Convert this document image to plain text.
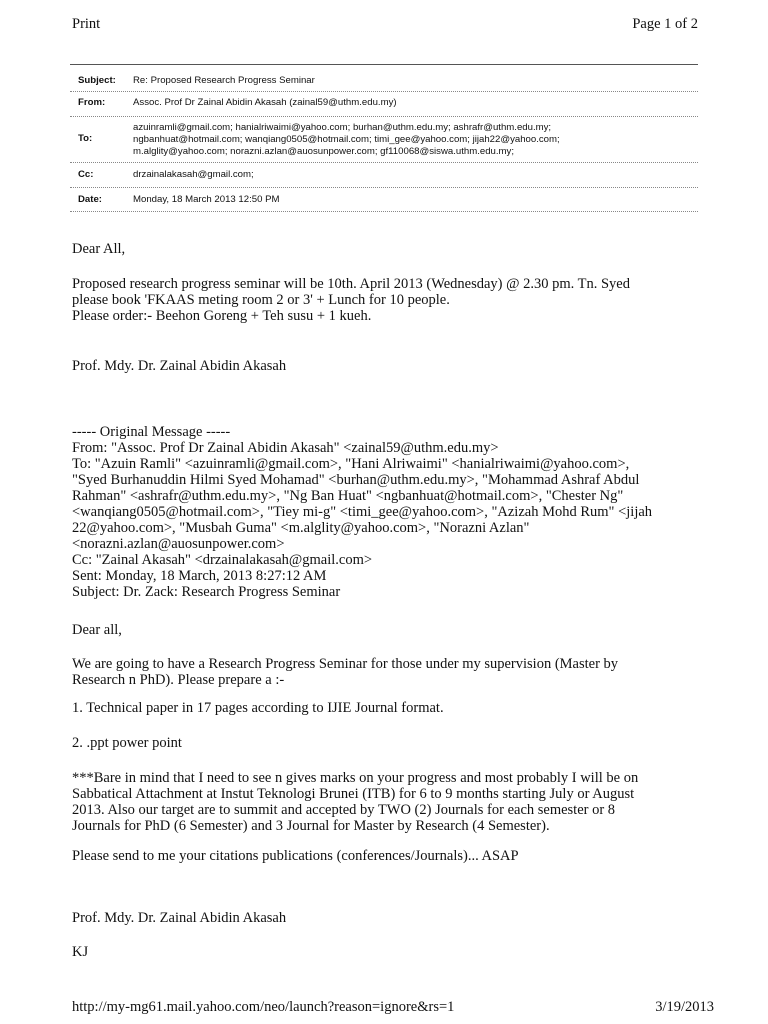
Print	Page 1 of 2
Subject: Re: Proposed Research Progress Seminar
From:	Assoc. Prof Dr Zainal Abidin Akasah (zainal59@uthm.edu.my)
To:
azuinramli@gmail.com; hanialriwaimi@yahoo.com; burhan@uthm.edu.my; ashrafr@uthm.edu.my;
ngbanhuat@hotmail.com; wanqiang0505@hotmail.com; timi_gee@yahoo.com; jijah22@yahoo.com;
m.alglity@yahoo.com; norazni.azlan@auosunpower.com; gf110068@siswa.uthm.edu.my;
Cc:	drzainalakasah@gmail.com;
Date:	Monday, 18 March 2013 12:50 PM
Dear All,
Proposed research progress seminar will be 10th. April 2013 (Wednesday) @ 2.30 pm. Tn. Syed
please book 'FKAAS meting room 2 or 3' + Lunch for 10 people.
Please order:- Beehon Goreng + Teh susu + 1 kueh.
Prof. Mdy. Dr. Zainal Abidin Akasah
----- Original Message -----
From: "Assoc. Prof Dr Zainal Abidin Akasah" <zainal59@uthm.edu.my>
To: "Azuin Ramli" <azuinramli@gmail.com>, "Hani Alriwaimi" <hanialriwaimi@yahoo.com>,
"Syed Burhanuddin Hilmi Syed Mohamad" <burhan@uthm.edu.my>, "Mohammad Ashraf Abdul
Rahman" <ashrafr@uthm.edu.my>, "Ng Ban Huat" <ngbanhuat@hotmail.com>, "Chester Ng"
<wanqiang0505@hotmail.com>, "Tiey mi-g" <timi_gee@yahoo.com>, "Azizah Mohd Rum" <jijah
22@yahoo.com>, "Musbah Guma" <m.alglity@yahoo.com>, "Norazni Azlan"
<norazni.azlan@auosunpower.com>
Cc: "Zainal Akasah" <drzainalakasah@gmail.com>
Sent: Monday, 18 March, 2013 8:27:12 AM
Subject: Dr. Zack: Research Progress Seminar
Dear all,
We are going to have a Research Progress Seminar for those under my supervision (Master by
Research n PhD). Please prepare a :-
1. Technical paper in 17 pages according to IJIE Journal format.
2. .ppt power point
***Bare in mind that I need to see n gives marks on your progress and most probably I will be on
Sabbatical Attachment at Instut Teknologi Brunei (ITB) for 6 to 9 months starting July or August
2013. Also our target are to summit and accepted by TWO (2) Journals for each semester or 8
Journals for PhD (6 Semester) and 3 Journal for Master by Research (4 Semester).
Please send to me your citations publications (conferences/Journals)... ASAP
Prof. Mdy. Dr. Zainal Abidin Akasah
KJ
http://my-mg61.mail.yahoo.com/neo/launch?reason=ignore&rs=1	3/19/2013
